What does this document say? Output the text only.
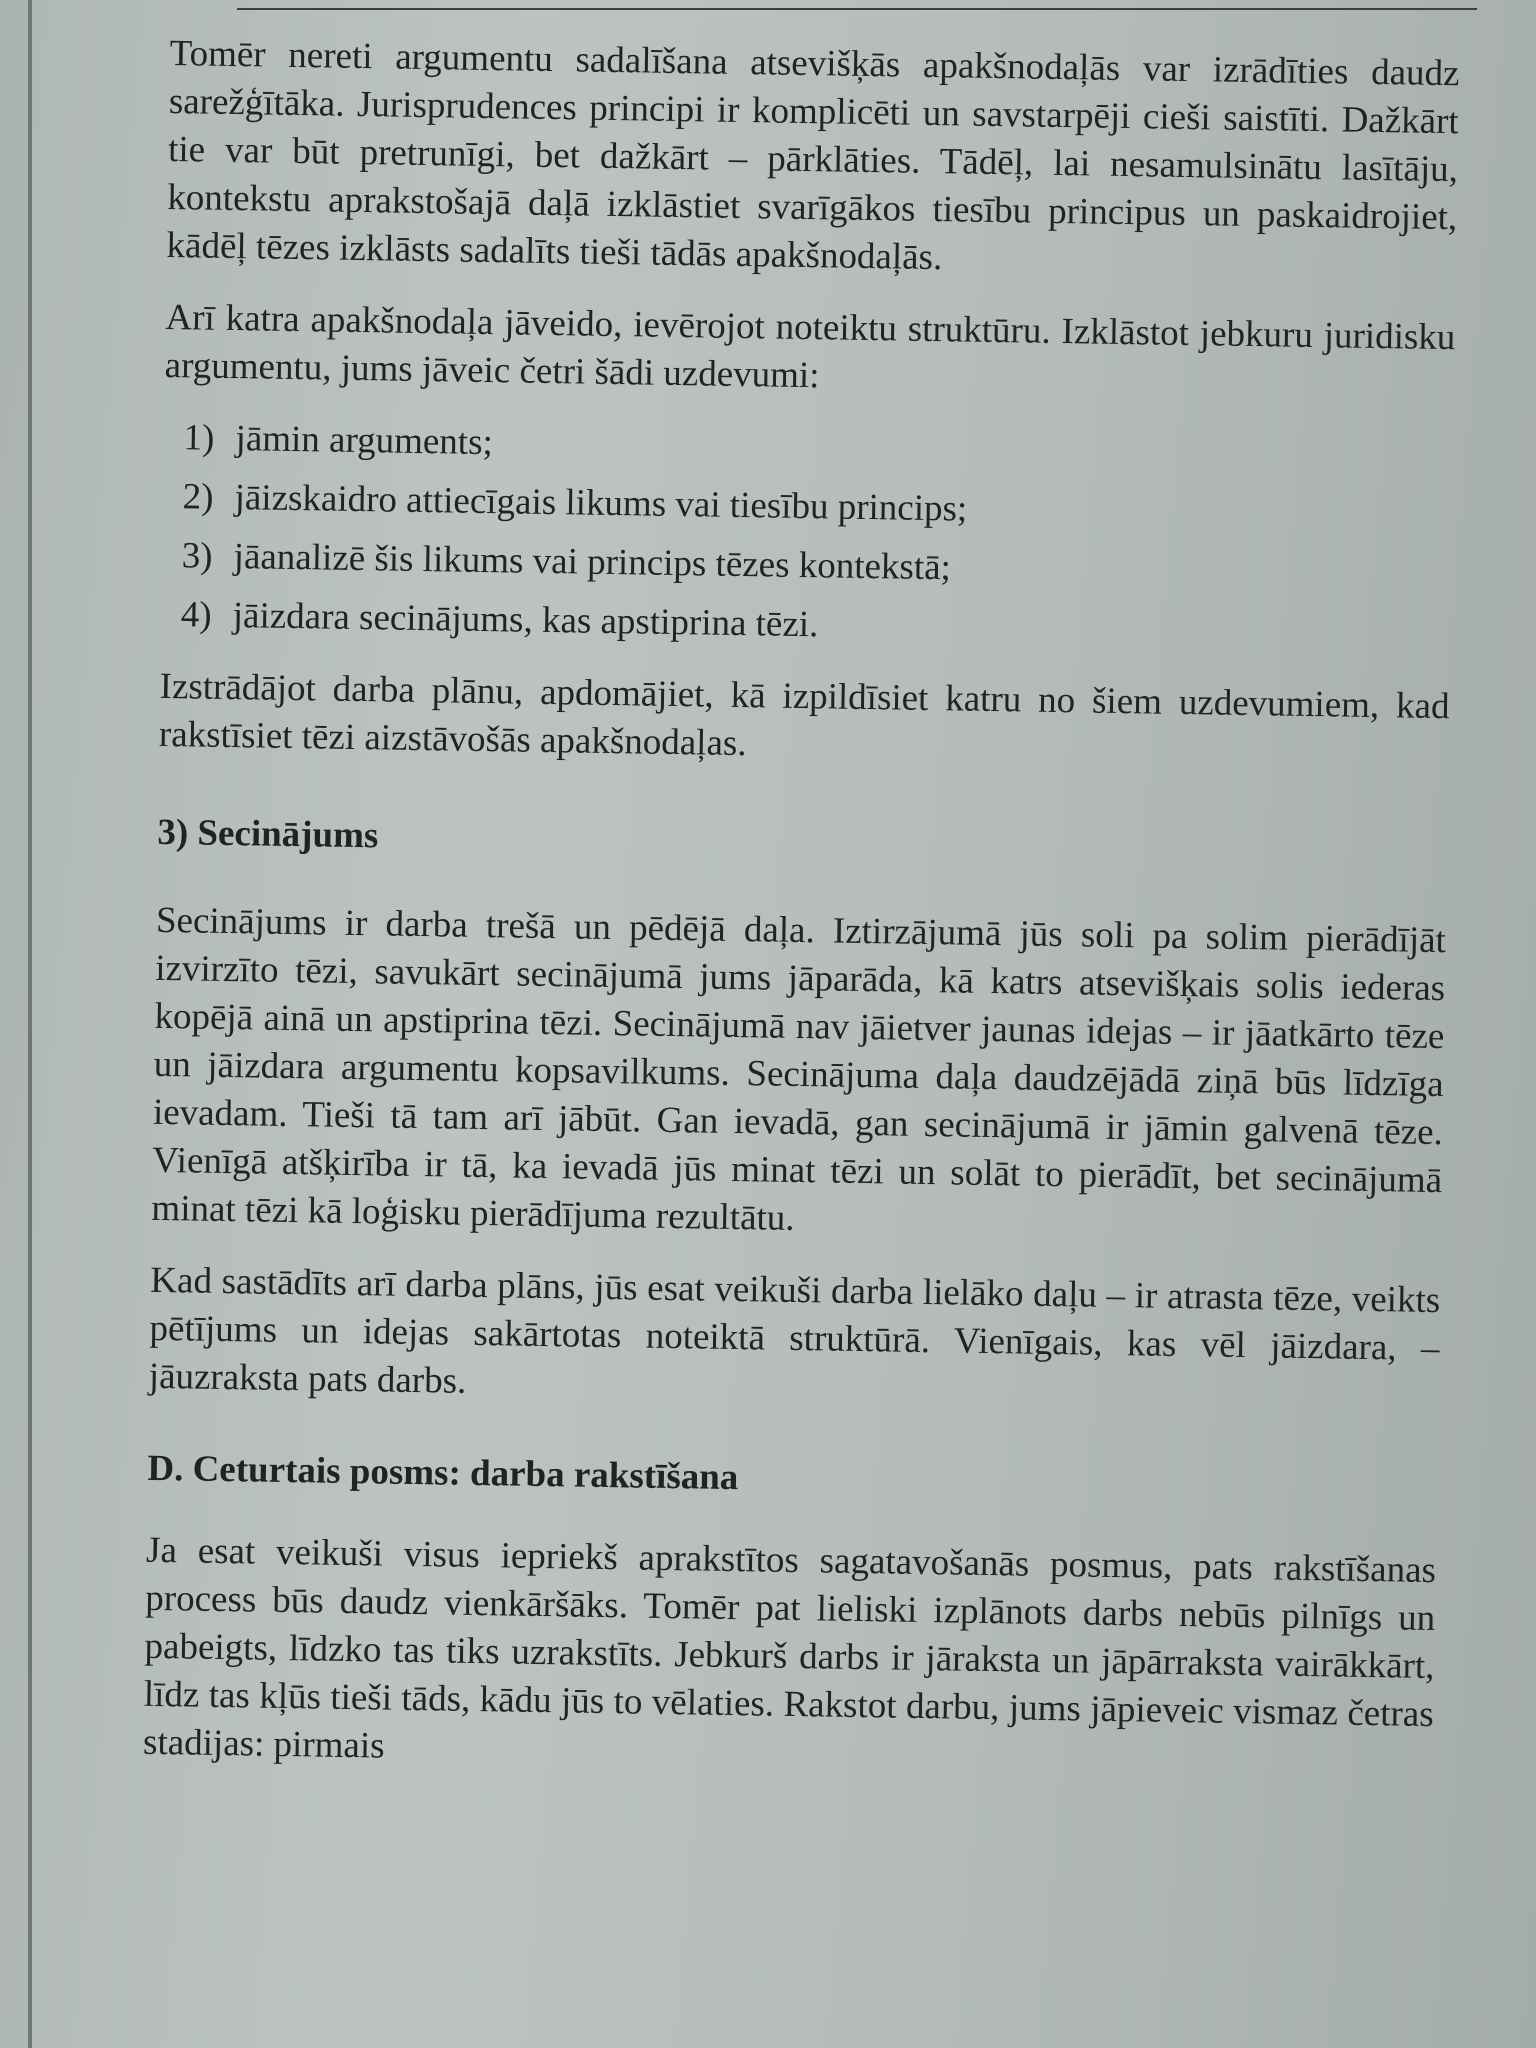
Tomēr nereti argumentu sadalīšana atsevišķās apakšnodaļās var izrādīties daudz sarežģītāka. Jurisprudences principi ir komplicēti un savstarpēji cieši saistīti. Dažkārt tie var būt pretrunīgi, bet dažkārt – pārklāties. Tādēļ, lai nesamulsinātu lasītāju, kontekstu aprakstošajā daļā izklāstiet svarīgākos tiesību principus un paskaidrojiet, kādēļ tēzes izklāsts sadalīts tieši tādās apakšnodaļās.

Arī katra apakšnodaļa jāveido, ievērojot noteiktu struktūru. Izklāstot jebkuru juridisku argumentu, jums jāveic četri šādi uzdevumi:

1) jāmin arguments;
2) jāizskaidro attiecīgais likums vai tiesību princips;
3) jāanalizē šis likums vai princips tēzes kontekstā;
4) jāizdara secinājums, kas apstiprina tēzi.

Izstrādājot darba plānu, apdomājiet, kā izpildīsiet katru no šiem uzdevumiem, kad rakstīsiet tēzi aizstāvošās apakšnodaļas.

3) Secinājums

Secinājums ir darba trešā un pēdējā daļa. Iztirzājumā jūs soli pa solim pierādījāt izvirzīto tēzi, savukārt secinājumā jums jāparāda, kā katrs atsevišķais solis iederas kopējā ainā un apstiprina tēzi. Secinājumā nav jāietver jaunas idejas – ir jāatkārto tēze un jāizdara argumentu kopsavilkums. Secinājuma daļa daudzējādā ziņā būs līdzīga ievadam. Tieši tā tam arī jābūt. Gan ievadā, gan secinājumā ir jāmin galvenā tēze. Vienīgā atšķirība ir tā, ka ievadā jūs minat tēzi un solāt to pierādīt, bet secinājumā minat tēzi kā loģisku pierādījuma rezultātu.

Kad sastādīts arī darba plāns, jūs esat veikuši darba lielāko daļu – ir atrasta tēze, veikts pētījums un idejas sakārtotas noteiktā struktūrā. Vienīgais, kas vēl jāizdara, – jāuzraksta pats darbs.

D. Ceturtais posms: darba rakstīšana

Ja esat veikuši visus iepriekš aprakstītos sagatavošanās posmus, pats rakstīšanas process būs daudz vienkāršāks. Tomēr pat lieliski izplānots darbs nebūs pilnīgs un pabeigts, līdzko tas tiks uzrakstīts. Jebkurš darbs ir jāraksta un jāpārraksta vairākkārt, līdz tas kļūs tieši tāds, kādu jūs to vēlaties. Rakstot darbu, jums jāpieveic vismaz četras stadijas: pirmais
